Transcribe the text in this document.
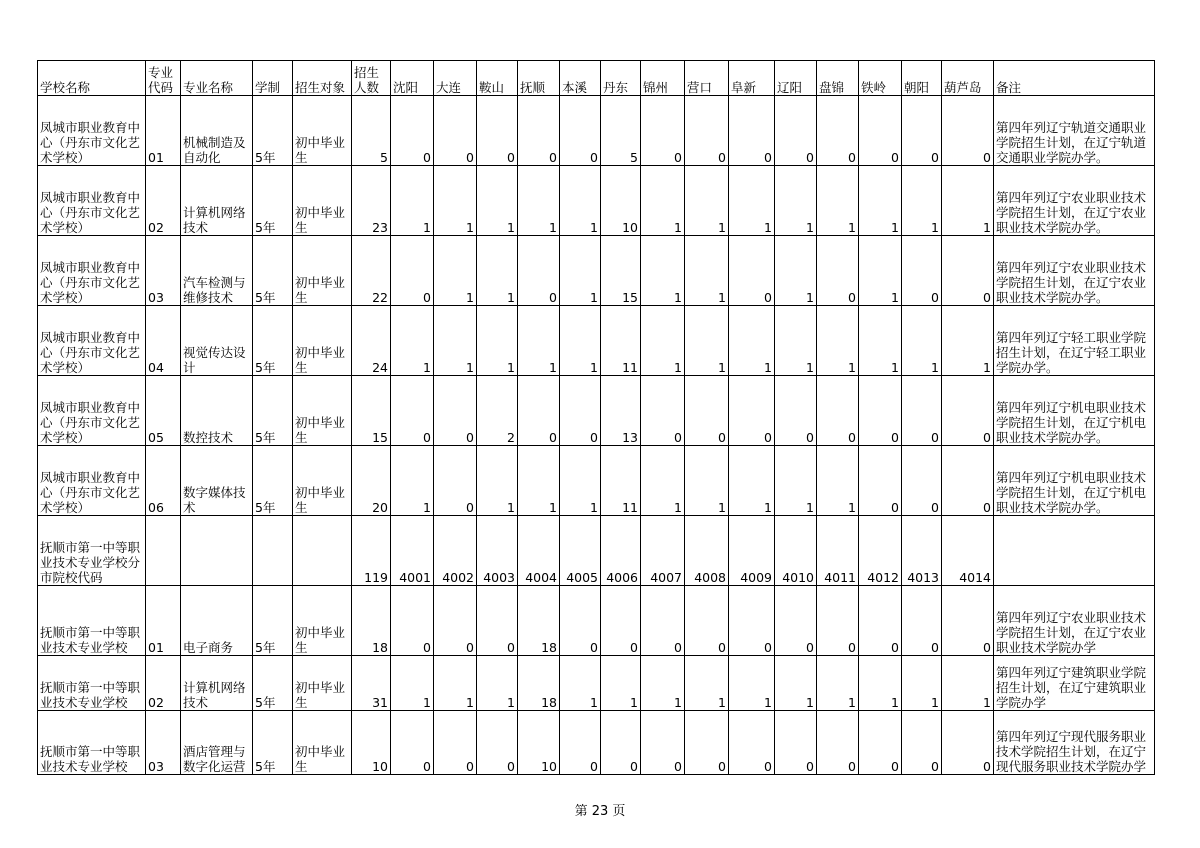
学校名称	专业代码	专业名称	学制	招生对象	招生人数	沈阳	大连	鞍山	抚顺	本溪	丹东	锦州	营口	阜新	辽阳	盘锦	铁岭	朝阳	葫芦岛	备注
凤城市职业教育中心（丹东市文化艺术学校）	01	机械制造及自动化	5年	初中毕业生	5	0	0	0	0	0	5	0	0	0	0	0	0	0	0	第四年列辽宁轨道交通职业学院招生计划，在辽宁轨道交通职业学院办学。
凤城市职业教育中心（丹东市文化艺术学校）	02	计算机网络技术	5年	初中毕业生	23	1	1	1	1	1	10	1	1	1	1	1	1	1	1	第四年列辽宁农业职业技术学院招生计划，在辽宁农业职业技术学院办学。
凤城市职业教育中心（丹东市文化艺术学校）	03	汽车检测与维修技术	5年	初中毕业生	22	0	1	1	0	1	15	1	1	0	1	0	1	0	0	第四年列辽宁农业职业技术学院招生计划，在辽宁农业职业技术学院办学。
凤城市职业教育中心（丹东市文化艺术学校）	04	视觉传达设计	5年	初中毕业生	24	1	1	1	1	1	11	1	1	1	1	1	1	1	1	第四年列辽宁轻工职业学院招生计划，在辽宁轻工职业学院办学。
凤城市职业教育中心（丹东市文化艺术学校）	05	数控技术	5年	初中毕业生	15	0	0	2	0	0	13	0	0	0	0	0	0	0	0	第四年列辽宁机电职业技术学院招生计划，在辽宁机电职业技术学院办学。
凤城市职业教育中心（丹东市文化艺术学校）	06	数字媒体技术	5年	初中毕业生	20	1	0	1	1	1	11	1	1	1	1	1	0	0	0	第四年列辽宁机电职业技术学院招生计划，在辽宁机电职业技术学院办学。
抚顺市第一中等职业技术专业学校分市院校代码					119	4001	4002	4003	4004	4005	4006	4007	4008	4009	4010	4011	4012	4013	4014	
抚顺市第一中等职业技术专业学校	01	电子商务	5年	初中毕业生	18	0	0	0	18	0	0	0	0	0	0	0	0	0	0	第四年列辽宁农业职业技术学院招生计划，在辽宁农业职业技术学院办学
抚顺市第一中等职业技术专业学校	02	计算机网络技术	5年	初中毕业生	31	1	1	1	18	1	1	1	1	1	1	1	1	1	1	第四年列辽宁建筑职业学院招生计划，在辽宁建筑职业学院办学
抚顺市第一中等职业技术专业学校	03	酒店管理与数字化运营	5年	初中毕业生	10	0	0	0	10	0	0	0	0	0	0	0	0	0	0	第四年列辽宁现代服务职业技术学院招生计划，在辽宁现代服务职业技术学院办学
第 23 页
